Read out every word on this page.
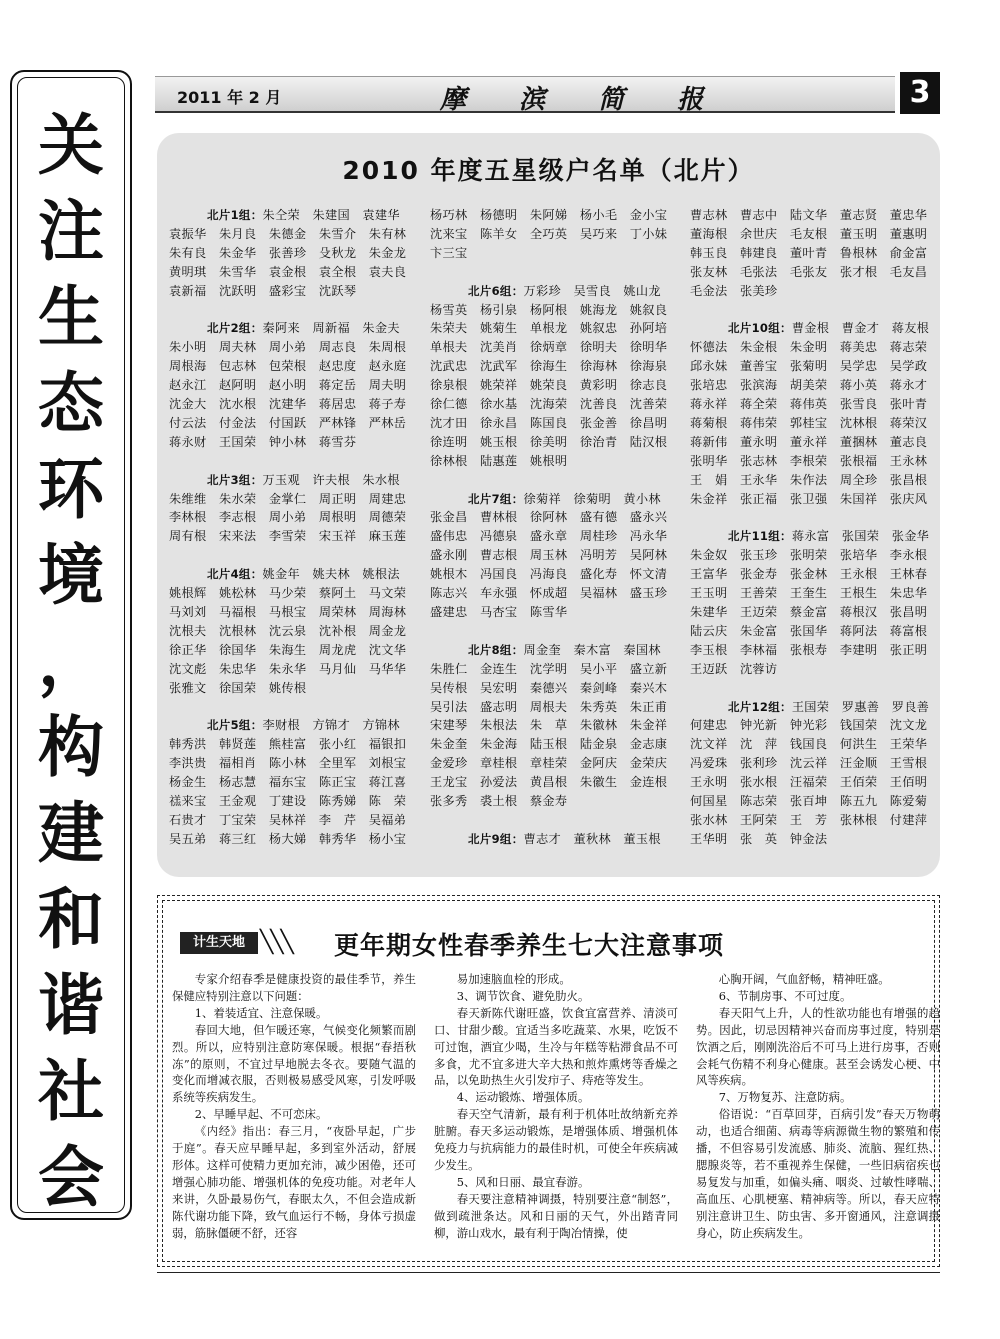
关
注
生
态
环
境
，
构
建
和
谐
社
会
2011 年 2 月	摩 滨 简 报	3
2010 年度五星级户名单（北片）
北片1组：朱仝荣　朱建国　袁建华
袁振华　朱月良　朱德金　朱雪介　朱有林
朱有良　朱金华　张善珍　殳秋龙　朱金龙
黄明琪　朱雪华　袁金根　袁全根　袁夫良
袁新福　沈跃明　盛彩宝　沈跃琴
北片2组：秦阿来　周新福　朱金夫
朱小明　周夫林　周小弟　周志良　朱周根
周根海　包志林　包荣根　赵忠度　赵永庭
赵永江　赵阿明　赵小明　蒋定岳　周夫明
沈金大　沈水根　沈建华　蒋居忠　蒋子寿
付云法　付金法　付国跃　严林锋　严林岳
蒋永财　王国荣　钟小林　蒋雪芬
北片3组：万玉观　许夫根　朱水根
朱维维　朱水荣　金掌仁　周正明　周建忠
李林根　李志根　周小弟　周根明　周德荣
周有根　宋来法　李雪荣　宋玉祥　麻玉莲
北片4组：姚金年　姚夫林　姚根法
姚根辉　姚松林　马少荣　蔡阿土　马文荣
马刘刘　马福根　马根宝　周荣林　周海林
沈根夫　沈根林　沈云泉　沈补根　周金龙
徐正华　徐国华　朱海生　周龙虎　沈文华
沈文彪　朱忠华　朱永华　马月仙　马华华
张雅文　徐国荣　姚传根
北片5组：李财根　方锦才　方锦林
韩秀洪　韩贤莲　熊桂富　张小红　福银扣
李洪贵　福相肖　陈小林　全里军　刘根宝
杨金生　杨志慧　福东宝　陈正宝　蒋江喜
禚来宝　王金观　丁建设　陈秀娣　陈　荣
石贵才　丁宝荣　吴林祥　李　芹　吴福弟
吴五弟　蒋三红　杨大娣　韩秀华　杨小宝
杨巧林　杨德明　朱阿娣　杨小毛　金小宝
沈来宝　陈羊女　全巧英　吴巧来　丁小妹
卞三宝
北片6组：万彩珍　吴雪良　姚山龙
杨雪英　杨引泉　杨阿根　姚海龙　姚叙良
朱荣夫　姚菊生　单根龙　姚叙忠　孙阿培
单根夫　沈美肖　徐炳章　徐明夫　徐明华
沈武忠　沈武军　徐海生　徐海林　徐海泉
徐泉根　姚荣祥　姚荣良　黄彩明　徐志良
徐仁德　徐水基　沈海荣　沈善良　沈善荣
沈才田　徐永昌　陈国良　张金善　徐昌明
徐连明　姚玉根　徐美明　徐治青　陆汉根
徐林根　陆惠莲　姚根明
北片7组：徐菊祥　徐菊明　黄小林
张金昌　曹林根　徐阿林　盛有德　盛永兴
盛伟忠　冯德泉　盛永章　周桂珍　冯永华
盛永刚　曹志根　周玉林　冯明芳　吴阿林
姚根木　冯国良　冯海良　盛化寿　怀文清
陈志兴　车永强　怀成超　吴福林　盛玉珍
盛建忠　马杏宝　陈雪华
北片8组：周金奎　秦木富　秦国林
朱胜仁　金连生　沈学明　吴小平　盛立新
吴传根　吴宏明　秦德兴　秦剑峰　秦兴木
吴引法　盛志明　周根夫　朱秀英　朱正甫
宋建琴　朱根法　朱　草　朱徽林　朱金祥
朱金奎　朱金海　陆玉根　陆金泉　金志康
金爱珍　章桂根　章桂荣　金阿庆　金荣庆
王龙宝　孙爱法　黄昌根　朱徽生　金连根
张多秀　裘土根　蔡金寿
北片9组：曹志才　董秋林　董玉根
曹志林　曹志中　陆文华　董志贤　董忠华
董海根　余世庆　毛友根　董玉明　董惠明
韩玉良　韩建良　董叶青　鲁根林　俞金富
张友林　毛张法　毛张友　张才根　毛友昌
毛金法　张美珍
北片10组：曹金根　曹金才　蒋友根
怀德法　朱金根　朱金明　蒋美忠　蒋志荣
邱永妹　董善宝　张菊明　吴学忠　吴学政
张培忠　张滨海　胡美荣　蒋小英　蒋永才
蒋永祥　蒋全荣　蒋伟英　张雪良　张叶青
蒋菊根　蒋伟荣　郭桂宝　沈林根　蒋荣汉
蒋新伟　董永明　董永祥　董捆林　董志良
张明华　张志林　李根荣　张根福　王永林
王　娟　王永华　朱作法　周全珍　张昌根
朱金祥　张正福　张卫强　朱国祥　张庆风
北片11组：蒋永富　张国荣　张金华
朱金奴　张玉珍　张明荣　张培华　李永根
王富华　张金寿　张金林　王永根　王林春
王玉明　王善荣　王奎生　王根生　朱忠华
朱建华　王迈荣　蔡金富　蒋根汉　张昌明
陆云庆　朱金富　张国华　蒋阿法　蒋富根
李玉根　李林福　张根寿　李建明　张正明
王迈跃　沈蓉访
北片12组：王国荣　罗惠善　罗良善
何建忠　钟光新　钟光彩　钱国荣　沈文龙
沈文祥　沈　萍　钱国良　何洪生　王荣华
冯爱珠　张利珍　沈云祥　汪金顺　王雪根
王永明　张水根　汪福荣　王佰荣　王佰明
何国星　陈志荣　张百坤　陈五九　陈爱菊
张水林　王阿荣　王　芳　张林根　付建萍
王华明　张　英　钟金法
计生天地 ╲╲╲ 更年期女性春季养生七大注意事项

专家介绍春季是健康投资的最佳季节，养生保健应特别注意以下问题：

1、着装适宜、注意保暖。

春回大地，但乍暖还寒，气候变化频繁而剧烈。所以，应特别注意防寒保暖。根据“春捂秋冻”的原则，不宜过早地脱去冬衣。要随气温的变化而增减衣服，否则极易感受风寒，引发呼吸系统等疾病发生。

2、早睡早起、不可恋床。

《内经》指出：春三月，“夜卧早起，广步于庭”。春天应早睡早起，多到室外活动，舒展形体。这样可使精力更加充沛，减少困倦，还可增强心肺功能、增强机体的免疫功能。对老年人来讲，久卧最易伤气，春眠太久，不但会造成新陈代谢功能下降，致气血运行不畅，身体亏损虚弱，筋脉僵硬不舒，还容

易加速脑血栓的形成。

3、调节饮食、避免肋火。

春天新陈代谢旺盛，饮食宜富营养、清淡可口、甘甜少酸。宜适当多吃蔬菜、水果，吃饭不可过饱，酒宜少喝，生冷与年糕等粘滞食品不可多食，尤不宜多进大辛大热和煎炸熏烤等香燥之品，以免助热生火引发疖子、痔疮等发生。

4、运动锻炼、增强体质。

春天空气清新，最有利于机体吐故纳新充养脏腑。春天多运动锻炼，是增强体质、增强机体免疫力与抗病能力的最佳时机，可使全年疾病减少发生。

5、风和日丽、最宜春游。

春天要注意精神调摄，特别要注意“制怒”，做到疏泄条达。风和日丽的天气，外出踏青同柳，游山戏水，最有利于陶冶情操，使

心胸开阔，气血舒畅，精神旺盛。

6、节制房事、不可过度。

春天阳气上升，人的性欲功能也有增强的趋势。因此，切忌因精神兴奋而房事过度，特别是饮酒之后，刚刚洗浴后不可马上进行房事，否则会耗气伤精不利身心健康。甚至会诱发心梗、中风等疾病。

7、万物复苏、注意防病。

俗语说：“百草回芽，百病引发”春天万物萌动，也适合细菌、病毒等病源微生物的繁殖和传播，不但容易引发流感、肺炎、流脑、猩红热、腮腺炎等，若不重视养生保健，一些旧病宿疾也易复发与加重，如偏头痛、咽炎、过敏性哮喘、高血压、心肌梗塞、精神病等。所以，春天应特别注意讲卫生、防虫害、多开窗通风，注意调摄身心，防止疾病发生。
